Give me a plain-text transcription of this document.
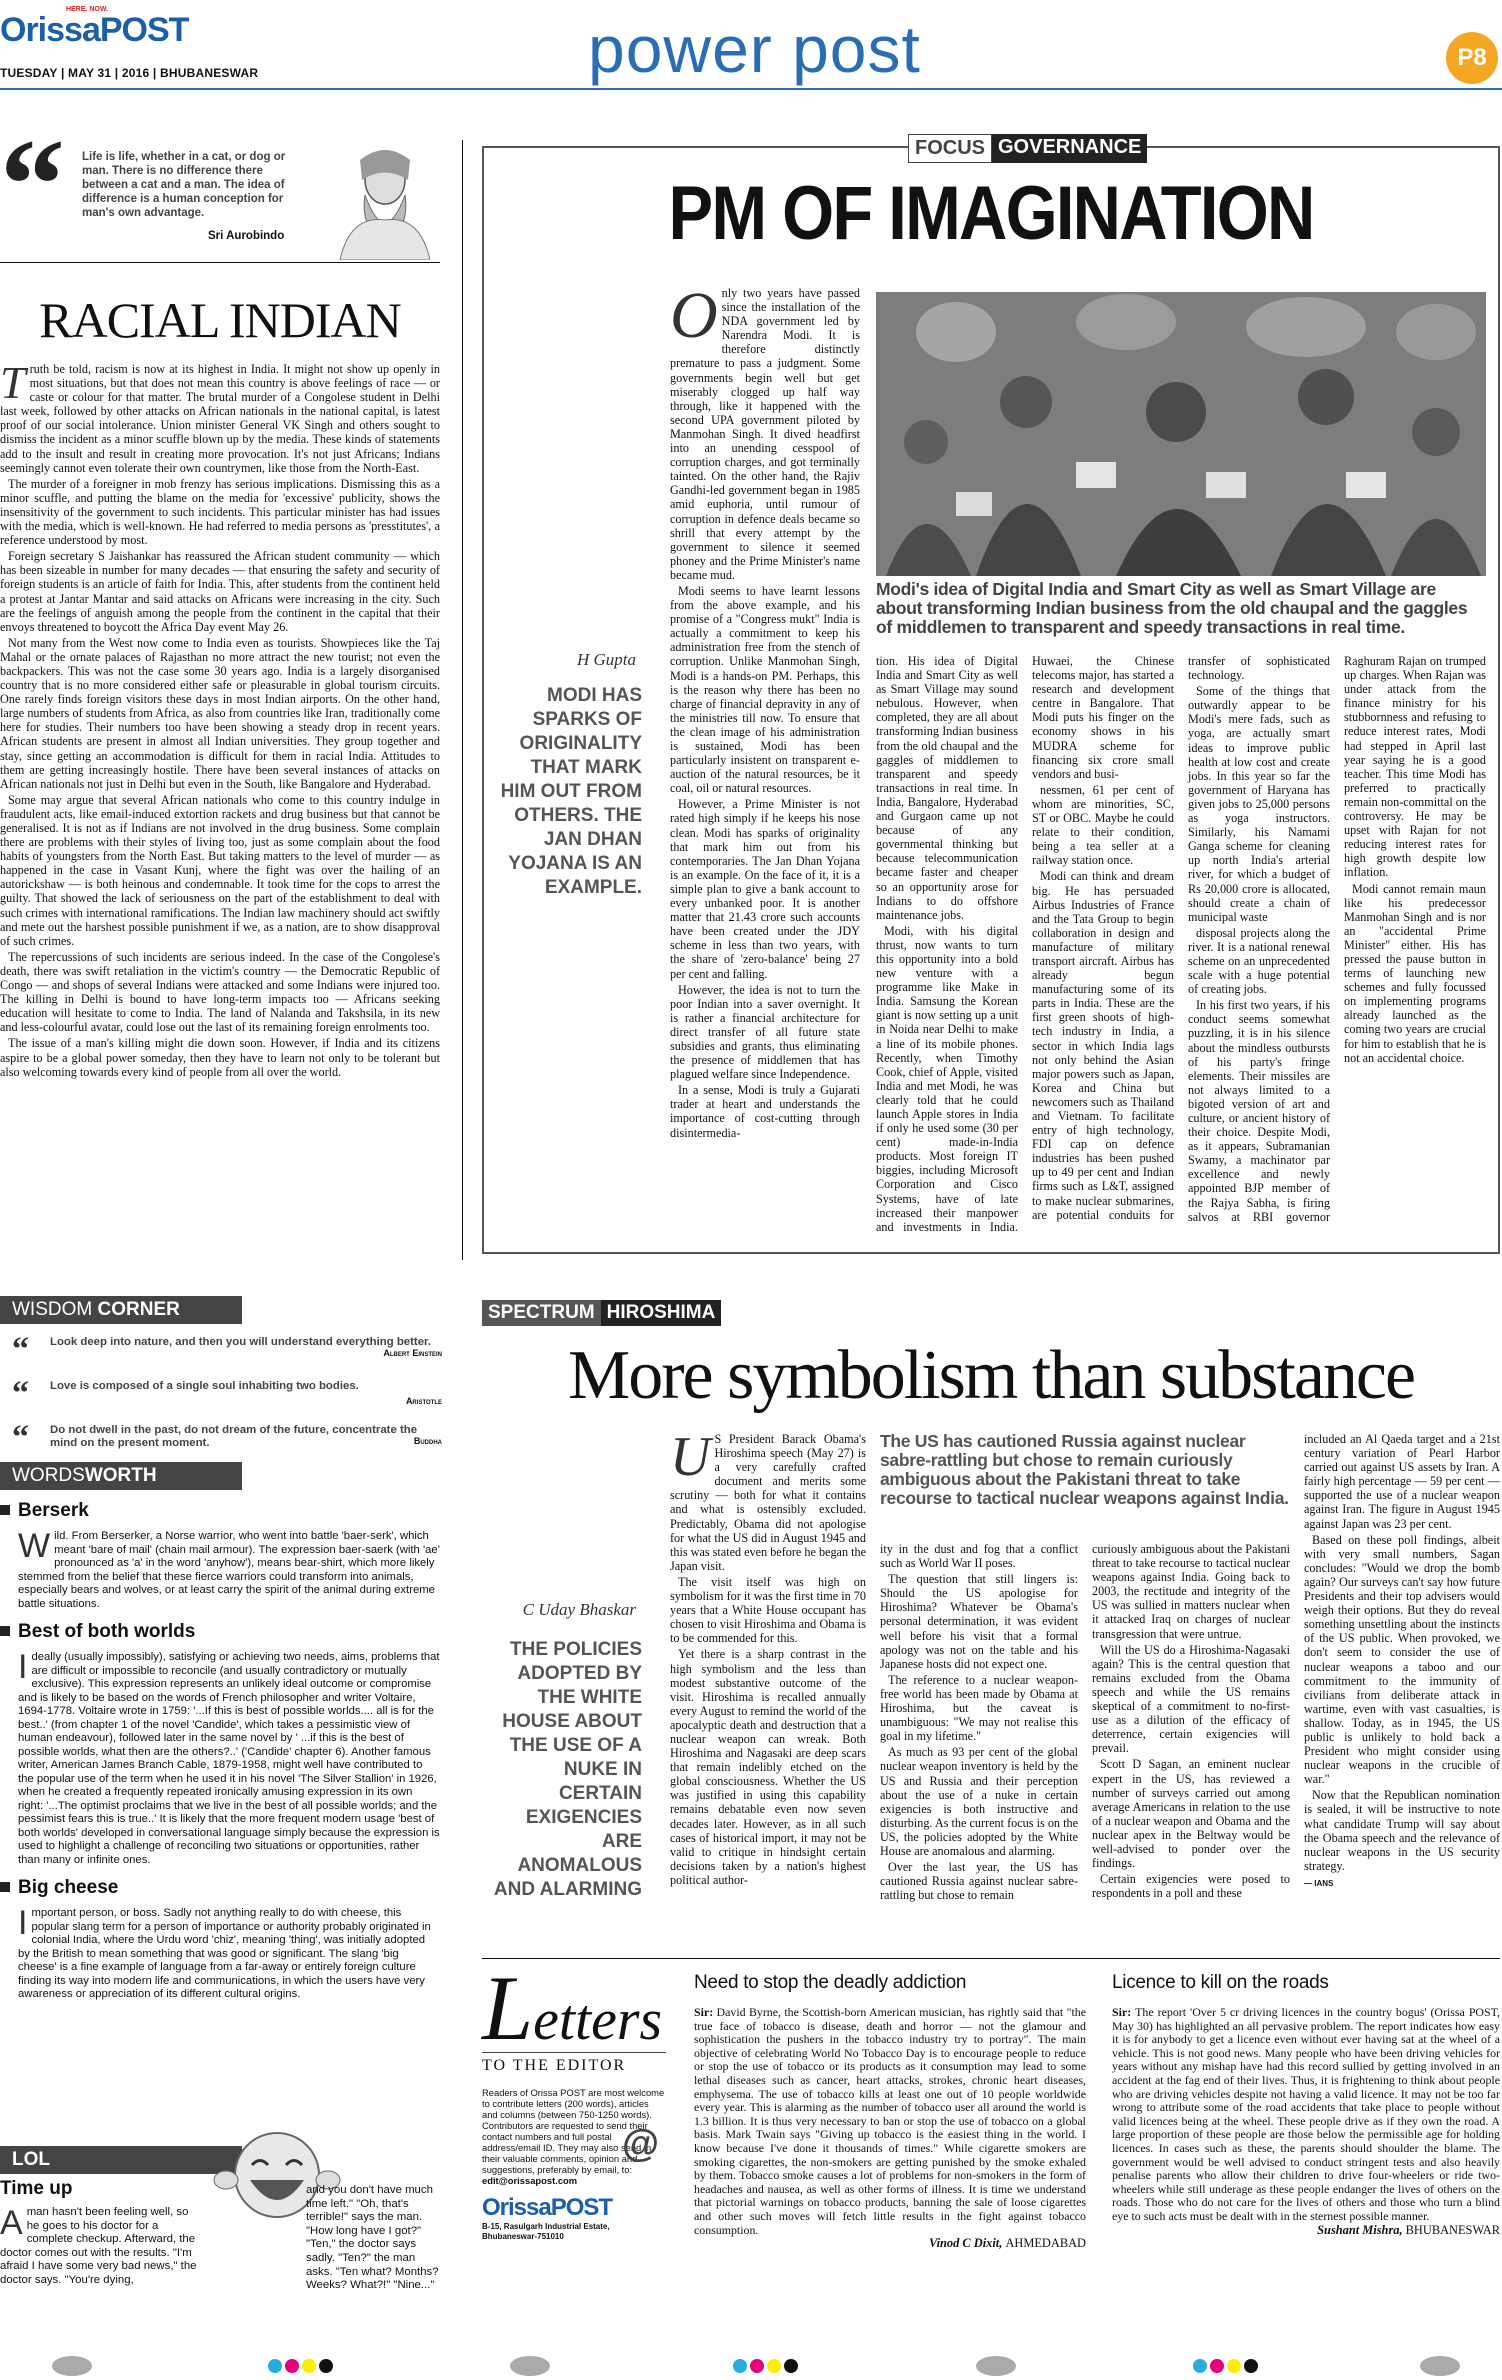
OrissaPOST
HERE. NOW.
TUESDAY | MAY 31 | 2016 | BHUBANESWAR	power post	P8
“ Life is life, whether in a cat, or dog or man. There is no difference there between a cat and a man. The idea of difference is a human conception for man's own advantage.
Sri Aurobindo
RACIAL INDIAN
T ruth be told, racism is now at its highest in India. It might not show up openly in most situations, but that does not mean this country is above feelings of race — or caste or colour for that matter. The brutal murder of a Congolese student in Delhi last week, followed by other attacks on African nationals in the national capital, is latest proof of our social intolerance. Union minister General VK Singh and others sought to dismiss the incident as a minor scuffle blown up by the media. These kinds of statements add to the insult and result in creating more provocation. It's not just Africans; Indians seemingly cannot even tolerate their own countrymen, like those from the North-East.

The murder of a foreigner in mob frenzy has serious implications. Dismissing this as a minor scuffle, and putting the blame on the media for 'excessive' publicity, shows the insensitivity of the government to such incidents. This particular minister has had issues with the media, which is well-known. He had referred to media persons as 'presstitutes', a reference understood by most.

Foreign secretary S Jaishankar has reassured the African student community — which has been sizeable in number for many decades — that ensuring the safety and security of foreign students is an article of faith for India. This, after students from the continent held a protest at Jantar Mantar and said attacks on Africans were increasing in the city. Such are the feelings of anguish among the people from the continent in the capital that their envoys threatened to boycott the Africa Day event May 26.

Not many from the West now come to India even as tourists. Showpieces like the Taj Mahal or the ornate palaces of Rajasthan no more attract the new tourist; not even the backpackers. This was not the case some 30 years ago. India is a largely disorganised country that is no more considered either safe or pleasurable in global tourism circuits. One rarely finds foreign visitors these days in most Indian airports. On the other hand, large numbers of students from Africa, as also from countries like Iran, traditionally come here for studies. Their numbers too have been showing a steady drop in recent years. African students are present in almost all Indian universities. They group together and stay, since getting an accommodation is difficult for them in racial India. Attitudes to them are getting increasingly hostile. There have been several instances of attacks on African nationals not just in Delhi but even in the South, like Bangalore and Hyderabad.

Some may argue that several African nationals who come to this country indulge in fraudulent acts, like email-induced extortion rackets and drug business but that cannot be generalised. It is not as if Indians are not involved in the drug business. Some complain there are problems with their styles of living too, just as some complain about the food habits of youngsters from the North East. But taking matters to the level of murder — as happened in the case in Vasant Kunj, where the fight was over the hailing of an autorickshaw — is both heinous and condemnable. It took time for the cops to arrest the guilty. That showed the lack of seriousness on the part of the establishment to deal with such crimes with international ramifications. The Indian law machinery should act swiftly and mete out the harshest possible punishment if we, as a nation, are to show disapproval of such crimes.

The repercussions of such incidents are serious indeed. In the case of the Congolese's death, there was swift retaliation in the victim's country — the Democratic Republic of Congo — and shops of several Indians were attacked and some Indians were injured too. The killing in Delhi is bound to have long-term impacts too — Africans seeking education will hesitate to come to India. The land of Nalanda and Takshsila, in its new and less-colourful avatar, could lose out the last of its remaining foreign enrolments too.

The issue of a man's killing might die down soon. However, if India and its citizens aspire to be a global power someday, then they have to learn not only to be tolerant but also welcoming towards every kind of people from all over the world.

WISDOM CORNER
“ Look deep into nature, and then you will understand everything better.
Albert Einstein
“ Love is composed of a single soul inhabiting two bodies.
Aristotle
“ Do not dwell in the past, do not dream of the future, concentrate the mind on the present moment.	Buddha
WORDSWORTH
Berserk
Wild. From Berserker, a Norse warrior, who went into battle 'baer-serk', which meant 'bare of mail' (chain mail armour). The expression baer-saerk (with 'ae' pronounced as 'a' in the word 'anyhow'), means bear-shirt, which more likely stemmed from the belief that these fierce warriors could transform into animals, especially bears and wolves, or at least carry the spirit of the animal during extreme battle situations.
Best of both worlds
Ideally (usually impossibly), satisfying or achieving two needs, aims, problems that are difficult or impossible to reconcile (and usually contradictory or mutually exclusive). This expression represents an unlikely ideal outcome or compromise and is likely to be based on the words of French philosopher and writer Voltaire, 1694-1778. Voltaire wrote in 1759: '...If this is best of possible worlds.... all is for the best..' (from chapter 1 of the novel 'Candide', which takes a pessimistic view of human endeavour), followed later in the same novel by ' ...if this is the best of possible worlds, what then are the others?..' ('Candide' chapter 6). Another famous writer, American James Branch Cable, 1879-1958, might well have contributed to the popular use of the term when he used it in his novel 'The Silver Stallion' in 1926, when he created a frequently repeated ironically amusing expression in its own right: '...The optimist proclaims that we live in the best of all possible worlds; and the pessimist fears this is true..' It is likely that the more frequent modern usage 'best of both worlds' developed in conversational language simply because the expression is used to highlight a challenge of reconciling two situations or opportunities, rather than many or infinite ones.
Big cheese
Important person, or boss. Sadly not anything really to do with cheese, this popular slang term for a person of importance or authority probably originated in colonial India, where the Urdu word 'chiz', meaning 'thing', was initially adopted by the British to mean something that was good or significant. The slang 'big cheese' is a fine example of language from a far-away or entirely foreign culture finding its way into modern life and communications, in which the users have very awareness or appreciation of its different cultural origins.
LOL
Time up
Aman hasn't been feeling well, so he goes to his doctor for a complete checkup. Afterward, the doctor comes out with the results. "I'm afraid I have some very bad news," the doctor says. "You're dying,
and you don't have much time left." "Oh, that's terrible!" says the man. "How long have I got?" "Ten," the doctor says sadly. "Ten?" the man asks. "Ten what? Months? Weeks? What?!" "Nine..."
FOCUS GOVERNANCE
PM OF IMAGINATION
O nly two years have passed since the installation of the NDA government led by Narendra Modi. It is therefore distinctly premature to pass a judgment. Some governments begin well but get miserably clogged up half way through, like it happened with the second UPA government piloted by Manmohan Singh. It dived headfirst into an unending cesspool of corruption charges, and got terminally tainted. On the other hand, the Rajiv Gandhi-led government began in 1985 amid euphoria, until rumour of corruption in defence deals became so shrill that every attempt by the government to silence it seemed phoney and the Prime Minister's name became mud.

Modi seems to have learnt lessons from the above example, and his promise of a "Congress mukt" India is actually a commitment to keep his administration free from the stench of corruption. Unlike Manmohan Singh, Modi is a hands-on PM. Perhaps, this is the reason why there has been no charge of financial depravity in any of the ministries till now. To ensure that the clean image of his administration is sustained, Modi has been particularly insistent on transparent e-auction of the natural resources, be it coal, oil or natural resources.

However, a Prime Minister is not rated high simply if he keeps his nose clean. Modi has sparks of originality that mark him out from his contemporaries. The Jan Dhan Yojana is an example. On the face of it, it is a simple plan to give a bank account to every unbanked poor. It is another matter that 21.43 crore such accounts have been created under the JDY scheme in less than two years, with the share of 'zero-balance' being 27 per cent and falling.

However, the idea is not to turn the poor Indian into a saver overnight. It is rather a financial architecture for direct transfer of all future state subsidies and grants, thus eliminating the presence of middlemen that has plagued welfare since Independence.

In a sense, Modi is truly a Gujarati trader at heart and understands the importance of cost-cutting through disintermedia-

H Gupta
MODI HAS SPARKS OF ORIGINALITY THAT MARK HIM OUT FROM OTHERS. THE JAN DHAN YOJANA IS AN EXAMPLE.
Modi's idea of Digital India and Smart City as well as Smart Village are about transforming Indian business from the old chaupal and the gaggles of middlemen to transparent and speedy transactions in real time.

tion. His idea of Digital India and Smart City as well as Smart Village may sound nebulous. However, when completed, they are all about transforming Indian business from the old chaupal and the gaggles of middlemen to transparent and speedy transactions in real time. In India, Bangalore, Hyderabad and Gurgaon came up not because of any governmental thinking but because telecommunication became faster and cheaper so an opportunity arose for Indians to do offshore maintenance jobs.

Modi, with his digital thrust, now wants to turn this opportunity into a bold new venture with a programme like Make in India. Samsung the Korean giant is now setting up a unit in Noida near Delhi to make a line of its mobile phones. Recently, when Timothy Cook, chief of Apple, visited India and met Modi, he was clearly told that he could launch Apple stores in India if only he used some (30 per cent) made-in-India products. Most foreign IT biggies, including Microsoft Corporation and Cisco Systems, have of late increased their manpower and investments in India. Huwaei, the Chinese telecoms major, has started a research and development centre in Bangalore. That Modi puts his finger on the economy shows in his MUDRA scheme for financing six crore small vendors and busi-

nessmen, 61 per cent of whom are minorities, SC, ST or OBC. Maybe he could relate to their condition, being a tea seller at a railway station once.

Modi can think and dream big. He has persuaded Airbus Industries of France and the Tata Group to begin collaboration in design and manufacture of military transport aircraft. Airbus has already begun manufacturing some of its parts in India. These are the first green shoots of high-tech industry in India, a sector in which India lags not only behind the Asian major powers such as Japan, Korea and China but newcomers such as Thailand and Vietnam. To facilitate entry of high technology, FDI cap on defence industries has been pushed up to 49 per cent and Indian firms such as L&T, assigned to make nuclear submarines, are potential conduits for transfer of sophisticated technology.

Some of the things that outwardly appear to be Modi's mere fads, such as yoga, are actually smart ideas to improve public health at low cost and create jobs. In this year so far the government of Haryana has given jobs to 25,000 persons as yoga instructors. Similarly, his Namami Ganga scheme for cleaning up north India's arterial river, for which a budget of Rs 20,000 crore is allocated, should create a chain of municipal waste

disposal projects along the river. It is a national renewal scheme on an unprecedented scale with a huge potential of creating jobs.

In his first two years, if his conduct seems somewhat puzzling, it is in his silence about the mindless outbursts of his party's fringe elements. Their missiles are not always limited to a bigoted version of art and culture, or ancient history of their choice. Despite Modi, as it appears, Subramanian Swamy, a machinator par excellence and newly appointed BJP member of the Rajya Sabha, is firing salvos at RBI governor Raghuram Rajan on trumped up charges. When Rajan was under attack from the finance ministry for his stubbornness and refusing to reduce interest rates, Modi had stepped in April last year saying he is a good teacher. This time Modi has preferred to practically remain non-committal on the controversy. He may be upset with Rajan for not reducing interest rates for high growth despite low inflation.

Modi cannot remain maun like his predecessor Manmohan Singh and is nor an "accidental Prime Minister" either. His has pressed the pause button in terms of launching new schemes and fully focussed on implementing programs already launched as the coming two years are crucial for him to establish that he is not an accidental choice.

SPECTRUM HIROSHIMA
More symbolism than substance
U S President Barack Obama's Hiroshima speech (May 27) is a very carefully crafted document and merits some scrutiny — both for what it contains and what is ostensibly excluded. Predictably, Obama did not apologise for what the US did in August 1945 and this was stated even before he began the Japan visit.

The visit itself was high on symbolism for it was the first time in 70 years that a White House occupant has chosen to visit Hiroshima and Obama is to be commended for this.

Yet there is a sharp contrast in the high symbolism and the less than modest substantive outcome of the visit. Hiroshima is recalled annually every August to remind the world of the apocalyptic death and destruction that a nuclear weapon can wreak. Both Hiroshima and Nagasaki are deep scars that remain indelibly etched on the global consciousness. Whether the US was justified in using this capability remains debatable even now seven decades later. However, as in all such cases of historical import, it may not be valid to critique in hindsight certain decisions taken by a nation's highest political author-

C Uday Bhaskar
THE POLICIES ADOPTED BY THE WHITE HOUSE ABOUT THE USE OF A NUKE IN CERTAIN EXIGENCIES ARE ANOMALOUS AND ALARMING
The US has cautioned Russia against nuclear sabre-rattling but chose to remain curiously ambiguous about the Pakistani threat to take recourse to tactical nuclear weapons against India.

ity in the dust and fog that a conflict such as World War II poses.

The question that still lingers is: Should the US apologise for Hiroshima? Whatever be Obama's personal determination, it was evident well before his visit that a formal apology was not on the table and his Japanese hosts did not expect one.

The reference to a nuclear weapon-free world has been made by Obama at Hiroshima, but the caveat is unambiguous: "We may not realise this goal in my lifetime."

As much as 93 per cent of the global nuclear weapon inventory is held by the US and Russia and their perception about the use of a nuke in certain exigencies is both instructive and disturbing. As the current focus is on the US, the policies adopted by the White House are anomalous and alarming.

Over the last year, the US has cautioned Russia against nuclear sabre-rattling but chose to remain

curiously ambiguous about the Pakistani threat to take recourse to tactical nuclear weapons against India. Going back to 2003, the rectitude and integrity of the US was sullied in matters nuclear when it attacked Iraq on charges of nuclear transgression that were untrue.

Will the US do a Hiroshima-Nagasaki again? This is the central question that remains excluded from the Obama speech and while the US remains skeptical of a commitment to no-first-use as a dilution of the efficacy of deterrence, certain exigencies will prevail.

Scott D Sagan, an eminent nuclear expert in the US, has reviewed a number of surveys carried out among average Americans in relation to the use of a nuclear weapon and Obama and the nuclear apex in the Beltway would be well-advised to ponder over the findings.

Certain exigencies were posed to respondents in a poll and these

included an Al Qaeda target and a 21st century variation of Pearl Harbor carried out against US assets by Iran. A fairly high percentage — 59 per cent — supported the use of a nuclear weapon against Iran. The figure in August 1945 against Japan was 23 per cent.

Based on these poll findings, albeit with very small numbers, Sagan concludes: "Would we drop the bomb again? Our surveys can't say how future Presidents and their top advisers would weigh their options. But they do reveal something unsettling about the instincts of the US public. When provoked, we don't seem to consider the use of nuclear weapons a taboo and our commitment to the immunity of civilians from deliberate attack in wartime, even with vast casualties, is shallow. Today, as in 1945, the US public is unlikely to hold back a President who might consider using nuclear weapons in the crucible of war."

Now that the Republican nomination is sealed, it will be instructive to note what candidate Trump will say about the Obama speech and the relevance of nuclear weapons in the US security strategy.

— IANS
Letters
TO THE EDITOR
Readers of Orissa POST are most welcome to contribute letters (200 words), articles and columns (between 750-1250 words). Contributors are requested to send their contact numbers and full postal address/email ID. They may also send in their valuable comments, opinion and suggestions, preferably by email, to: edit@orissapost.com
@
OrissaPOST
B-15, Rasulgarh Industrial Estate, Bhubaneswar-751010
Need to stop the deadly addiction
Sir: David Byrne, the Scottish-born American musician, has rightly said that "the true face of tobacco is disease, death and horror — not the glamour and sophistication the pushers in the tobacco industry try to portray". The main objective of celebrating World No Tobacco Day is to encourage people to reduce or stop the use of tobacco or its products as it consumption may lead to some lethal diseases such as cancer, heart attacks, strokes, chronic heart diseases, emphysema. The use of tobacco kills at least one out of 10 people worldwide every year. This is alarming as the number of tobacco user all around the world is 1.3 billion. It is thus very necessary to ban or stop the use of tobacco on a global basis. Mark Twain says "Giving up tobacco is the easiest thing in the world. I know because I've done it thousands of times." While cigarette smokers are smoking cigarettes, the non-smokers are getting punished by the smoke exhaled by them. Tobacco smoke causes a lot of problems for non-smokers in the form of headaches and nausea, as well as other forms of illness. It is time we understand that pictorial warnings on tobacco products, banning the sale of loose cigarettes and other such moves will fetch little results in the fight against tobacco consumption.
Vinod C Dixit, AHMEDABAD
Licence to kill on the roads
Sir: The report 'Over 5 cr driving licences in the country bogus' (Orissa POST, May 30) has highlighted an all pervasive problem. The report indicates how easy it is for anybody to get a licence even without ever having sat at the wheel of a vehicle. This is not good news. Many people who have been driving vehicles for years without any mishap have had this record sullied by getting involved in an accident at the fag end of their lives. Thus, it is frightening to think about people who are driving vehicles despite not having a valid licence. It may not be too far wrong to attribute some of the road accidents that take place to people without valid licences being at the wheel. These people drive as if they own the road. A large proportion of these people are those below the permissible age for holding licences. In cases such as these, the parents should shoulder the blame. The government would be well advised to conduct stringent tests and also heavily penalise parents who allow their children to drive four-wheelers or ride two-wheelers while still underage as these people endanger the lives of others on the roads. Those who do not care for the lives of others and those who turn a blind eye to such acts must be dealt with in the sternest possible manner.
Sushant Mishra, BHUBANESWAR
